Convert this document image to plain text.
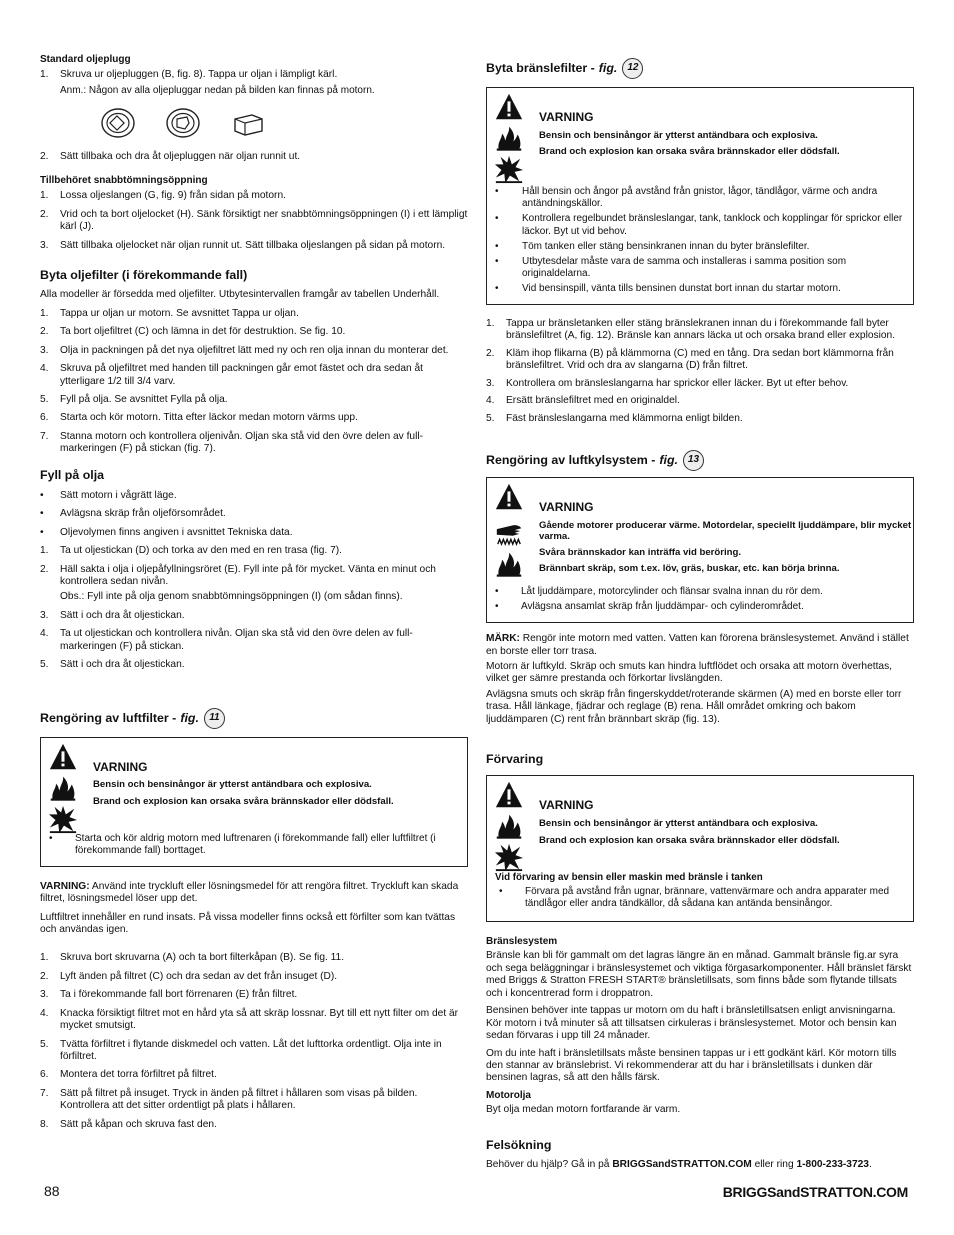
Standard oljeplugg
1.	Skruva ur oljepluggen (B, fig. 8). Tappa ur oljan i lämpligt kärl.
Anm.: Någon av alla oljepluggar nedan på bilden kan finnas på motorn.

2.	Sätt tillbaka och dra åt oljepluggen när oljan runnit ut.
Tillbehöret snabbtömningsöppning
1.	Lossa oljeslangen (G, fig. 9) från sidan på motorn.
2.	Vrid och ta bort oljelocket (H). Sänk försiktigt ner snabbtömningsöppningen (I) i ett lämpligt kärl (J).
3.	Sätt tillbaka oljelocket när oljan runnit ut. Sätt tillbaka oljeslangen på sidan på motorn.
Byta oljefilter (i förekommande fall)

Alla modeller är försedda med oljefilter. Utbytesintervallen framgår av tabellen Underhåll.

1.	Tappa ur oljan ur motorn. Se avsnittet Tappa ur oljan.
2.	Ta bort oljefiltret (C) och lämna in det för destruktion. Se fig. 10.
3.	Olja in packningen på det nya oljefiltret lätt med ny och ren olja innan du monterar det.
4.	Skruva på oljefiltret med handen till packningen går emot fästet och dra sedan åt ytterligare 1/2 till 3/4 varv.
5.	Fyll på olja. Se avsnittet Fylla på olja.
6.	Starta och kör motorn. Titta efter läckor medan motorn värms upp.
7.	Stanna motorn och kontrollera oljenivån. Oljan ska stå vid den övre delen av full-markeringen (F) på stickan (fig. 7).
Fyll på olja
•	Sätt motorn i vågrätt läge.
•	Avlägsna skräp från oljeförsområdet.
•	Oljevolymen finns angiven i avsnittet Tekniska data.
1.	Ta ut oljestickan (D) och torka av den med en ren trasa (fig. 7).
2.	Häll sakta i olja i oljepåfyllningsröret (E). Fyll inte på för mycket. Vänta en minut och kontrollera sedan nivån.
Obs.: Fyll inte på olja genom snabbtömningsöppningen (I) (om sådan finns).
3.	Sätt i och dra åt oljestickan.
4.	Ta ut oljestickan och kontrollera nivån. Oljan ska stå vid den övre delen av full-markeringen (F) på stickan.
5.	Sätt i och dra åt oljestickan.
Rengöring av luftfilter - fig.	11
VARNING
Bensin och bensinångor är ytterst antändbara och explosiva.
Brand och explosion kan orsaka svåra brännskador eller dödsfall.
•	Starta och kör aldrig motorn med luftrenaren (i förekommande fall) eller luftfiltret (i förekommande fall) borttaget.

VARNING: Använd inte tryckluft eller lösningsmedel för att rengöra filtret. Tryckluft kan skada filtret, lösningsmedel löser upp det.

Luftfiltret innehåller en rund insats. På vissa modeller finns också ett förfilter som kan tvättas och användas igen.

1.	Skruva bort skruvarna (A) och ta bort filterkåpan (B). Se fig. 11.
2.	Lyft änden på filtret (C) och dra sedan av det från insuget (D).
3.	Ta i förekommande fall bort förrenaren (E) från filtret.
4.	Knacka försiktigt filtret mot en hård yta så att skräp lossnar. Byt till ett nytt filter om det är mycket smutsigt.
5.	Tvätta förfiltret i flytande diskmedel och vatten. Låt det lufttorka ordentligt. Olja inte in förfiltret.
6.	Montera det torra förfiltret på filtret.
7.	Sätt på filtret på insuget. Tryck in änden på filtret i hållaren som visas på bilden. Kontrollera att det sitter ordentligt på plats i hållaren.
8.	Sätt på kåpan och skruva fast den.
Byta bränslefilter - fig. 12
VARNING
Bensin och bensinångor är ytterst antändbara och explosiva.
Brand och explosion kan orsaka svåra brännskador eller dödsfall.
•	Håll bensin och ångor på avstånd från gnistor, lågor, tändlågor, värme och andra antändningskällor.
•	Kontrollera regelbundet bränsleslangar, tank, tanklock och kopplingar för sprickor eller läckor. Byt ut vid behov.
•	Töm tanken eller stäng bensinkranen innan du byter bränslefilter.
•	Utbytesdelar måste vara de samma och installeras i samma position som originaldelarna.
•	Vid bensinspill, vänta tills bensinen dunstat bort innan du startar motorn.
1.	Tappa ur bränsletanken eller stäng bränslekranen innan du i förekommande fall byter bränslefiltret (A, fig. 12). Bränsle kan annars läcka ut och orsaka brand eller explosion.
2.	Kläm ihop flikarna (B) på klämmorna (C) med en tång. Dra sedan bort klämmorna från bränslefiltret. Vrid och dra av slangarna (D) från filtret.
3.	Kontrollera om bränsleslangarna har sprickor eller läcker. Byt ut efter behov.
4.	Ersätt bränslefiltret med en originaldel.
5.	Fäst bränsleslangarna med klämmorna enligt bilden.
Rengöring av luftkylsystem - fig. 13
VARNING
Gående motorer producerar värme. Motordelar, speciellt ljuddämpare, blir mycket varma.
Svåra brännskador kan inträffa vid beröring.
Brännbart skräp, som t.ex. löv, gräs, buskar, etc. kan börja brinna.
•	Låt ljuddämpare, motorcylinder och flänsar svalna innan du rör dem.
•	Avlägsna ansamlat skräp från ljuddämpar- och cylinderområdet.

MÄRK: Rengör inte motorn med vatten. Vatten kan förorena bränslesystemet. Använd i stället en borste eller torr trasa.

Motorn är luftkyld. Skräp och smuts kan hindra luftflödet och orsaka att motorn överhettas, vilket ger sämre prestanda och förkortar livslängden.

Avlägsna smuts och skräp från fingerskyddet/roterande skärmen (A) med en borste eller torr trasa. Håll länkage, fjädrar och reglage (B) rena. Håll området omkring och bakom ljuddämparen (C) rent från brännbart skräp (fig. 13).

Förvaring
VARNING
Bensin och bensinångor är ytterst antändbara och explosiva.
Brand och explosion kan orsaka svåra brännskador eller dödsfall.
Vid förvaring av bensin eller maskin med bränsle i tanken
•	Förvara på avstånd från ugnar, brännare, vattenvärmare och andra apparater med tändlågor eller andra tändkällor, då sådana kan antända bensinångor.
Bränslesystem

Bränsle kan bli för gammalt om det lagras längre än en månad. Gammalt bränsle fig.ar syra och sega beläggningar i bränslesystemet och viktiga förgasarkomponenter. Håll bränslet färskt med Briggs & Stratton FRESH START® bränsletillsats, som finns både som flytande tillsats och i koncentrerad form i droppatron.

Bensinen behöver inte tappas ur motorn om du haft i bränsletillsatsen enligt anvisningarna. Kör motorn i två minuter så att tillsatsen cirkuleras i bränslesystemet. Motor och bensin kan sedan förvaras i upp till 24 månader.

Om du inte haft i bränsletillsats måste bensinen tappas ur i ett godkänt kärl. Kör motorn tills den stannar av bränslebrist. Vi rekommenderar att du har i bränsletillsats i dunken där bensinen lagras, så att den hålls färsk.

Motorolja

Byt olja medan motorn fortfarande är varm.

Felsökning

Behöver du hjälp? Gå in på BRIGGSandSTRATTON.COM eller ring 1-800-233-3723.

88	BRIGGSandSTRATTON.COM
